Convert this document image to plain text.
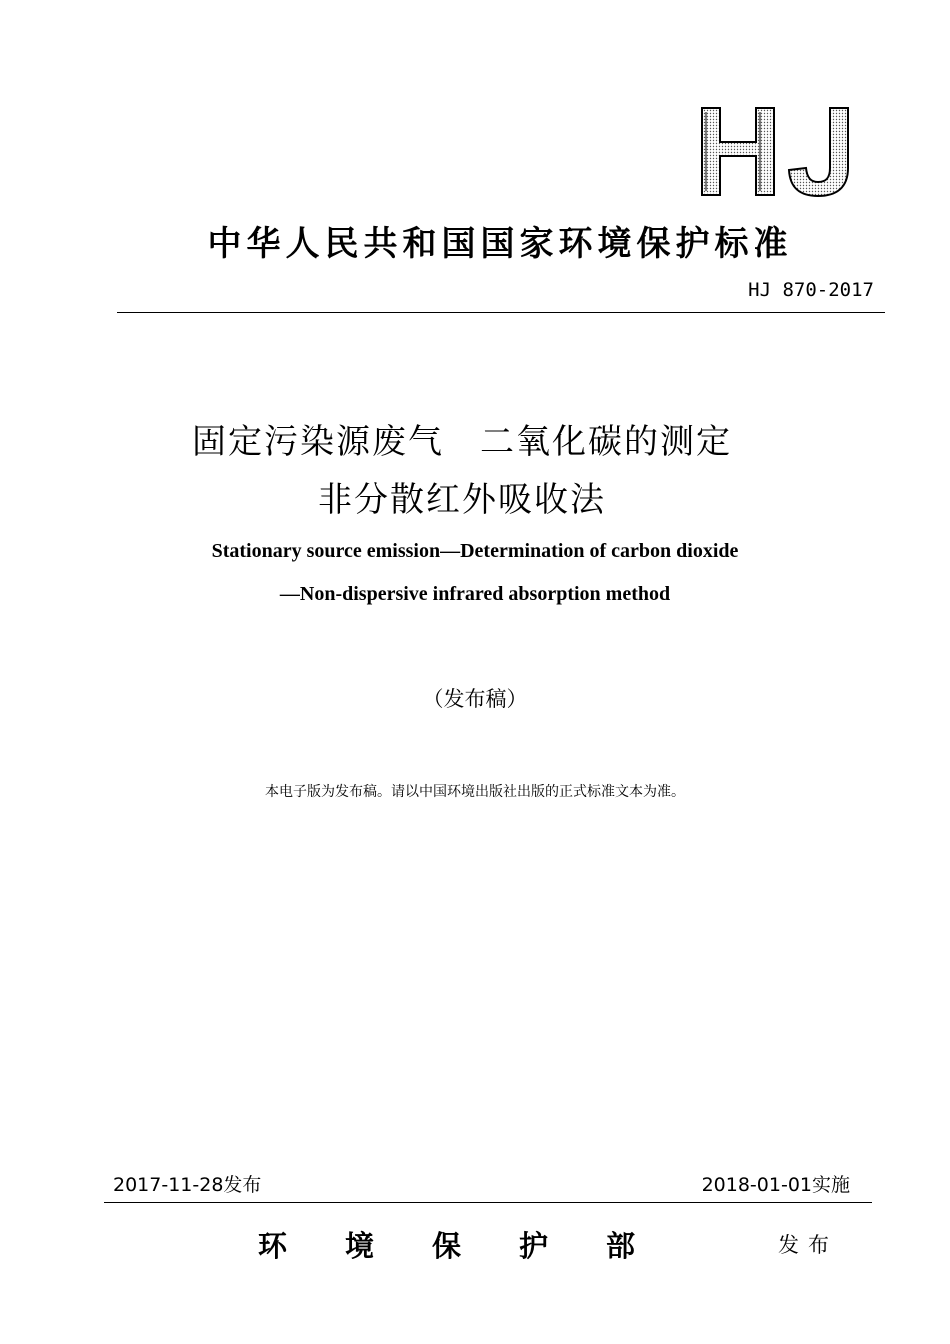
中华人民共和国国家环境保护标准
HJ 870-2017
固定污染源废气　二氧化碳的测定
非分散红外吸收法
Stationary source emission—Determination of carbon dioxide
—Non-dispersive infrared absorption method
（发布稿）
本电子版为发布稿。请以中国环境出版社出版的正式标准文本为准。
2017-11-28发布	2018-01-01实施
环境保护部	发布
